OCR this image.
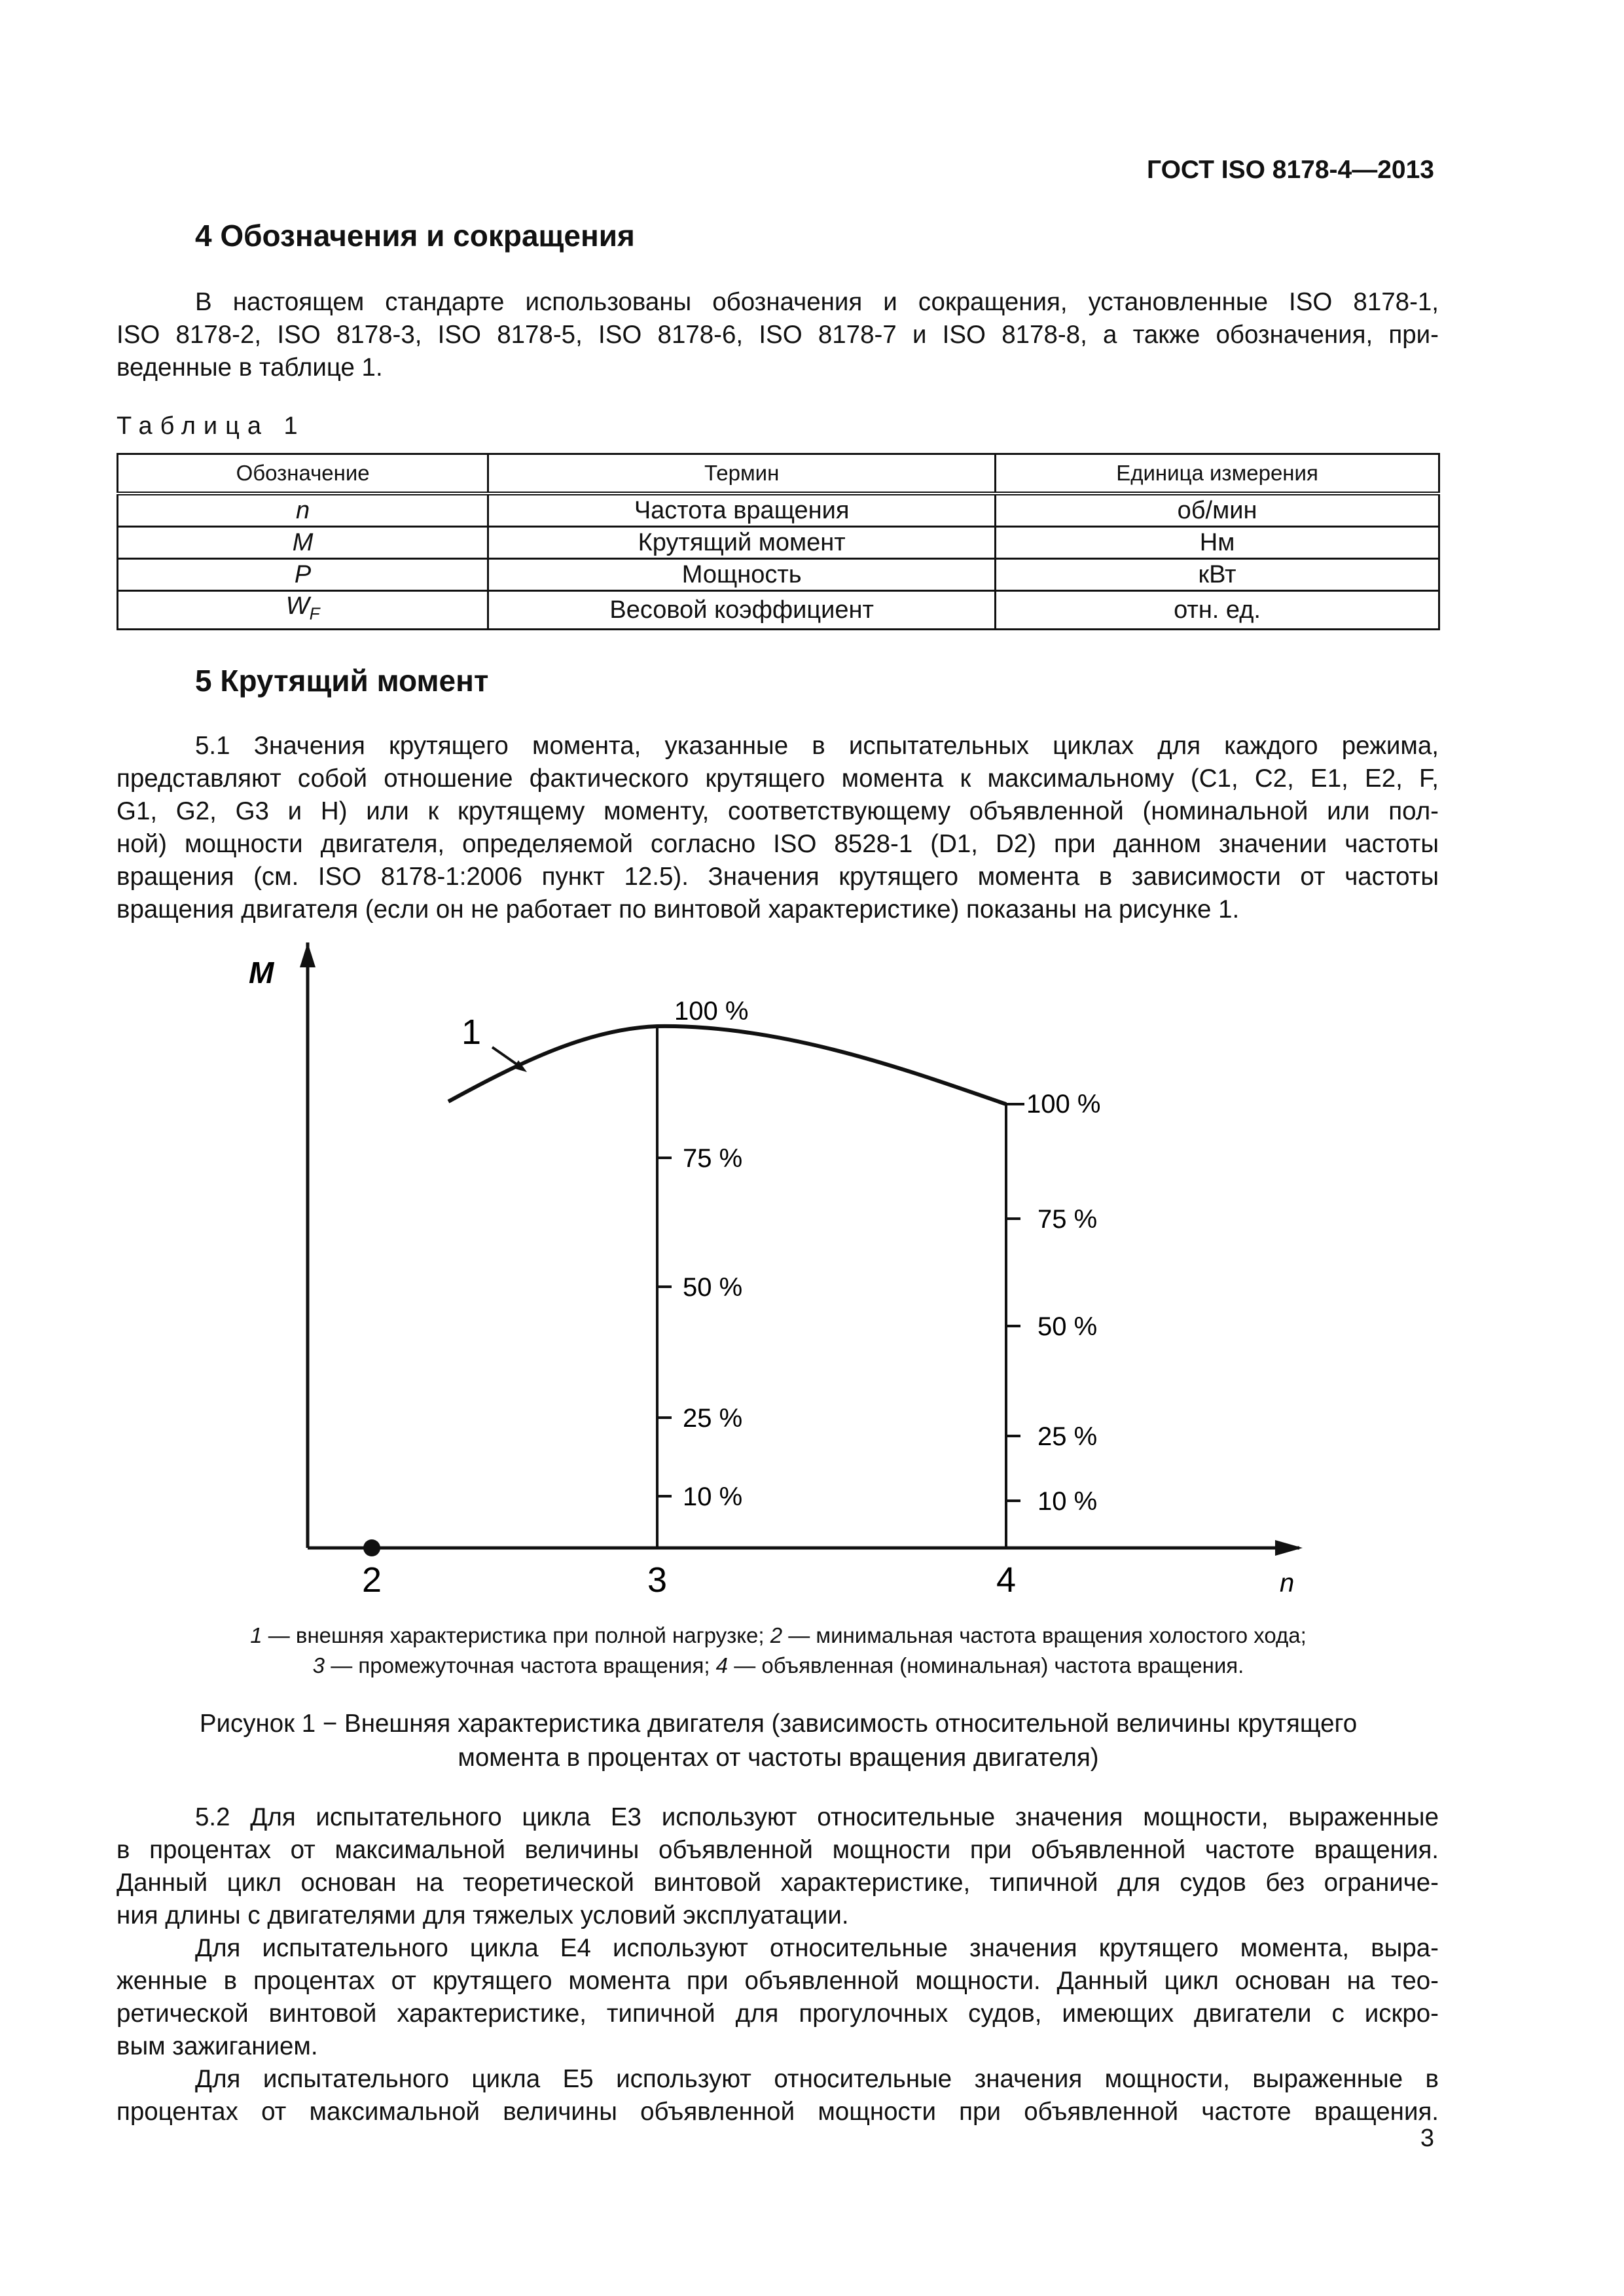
ГОСТ ISO 8178-4—2013
4 Обозначения и сокращения
В настоящем стандарте использованы обозначения и сокращения, установленные ISO 8178-1,
ISO 8178-2, ISO 8178-3, ISO 8178-5, ISO 8178-6, ISO 8178-7 и ISO 8178-8, а также обозначения, при-
веденные в таблице 1.
Таблица 1
Обозначение	Термин	Единица измерения
n	Частота вращения	об/мин
M	Крутящий момент	Нм
P	Мощность	кВт
$W_F$	Весовой коэффициент	отн. ед.
5 Крутящий момент
5.1 Значения крутящего момента, указанные в испытательных циклах для каждого режима,
представляют собой отношение фактического крутящего момента к максимальному (C1, C2, E1, E2, F,
G1, G2, G3 и H) или к крутящему моменту, соответствующему объявленной (номинальной или пол-
ной) мощности двигателя, определяемой согласно ISO 8528-1 (D1, D2) при данном значении частоты
вращения (см. ISO 8178-1:2006 пункт 12.5). Значения крутящего момента в зависимости от частоты
вращения двигателя (если он не работает по винтовой характеристике) показаны на рисунке 1.
M
n
1
100 %
75 %
50 %
25 %
10 %
100 %
75 %
50 %
25 %
10 %
2	3	4
1 — внешняя характеристика при полной нагрузке; 2 — минимальная частота вращения холостого хода;
3 — промежуточная частота вращения; 4 — объявленная (номинальная) частота вращения.
Рисунок 1 − Внешняя характеристика двигателя (зависимость относительной величины крутящего
момента в процентах от частоты вращения двигателя)
5.2 Для испытательного цикла Е3 используют относительные значения мощности, выраженные
в процентах от максимальной величины объявленной мощности при объявленной частоте вращения.
Данный цикл основан на теоретической винтовой характеристике, типичной для судов без ограниче-
ния длины с двигателями для тяжелых условий эксплуатации.
Для испытательного цикла Е4 используют относительные значения крутящего момента, выра-
женные в процентах от крутящего момента при объявленной мощности. Данный цикл основан на тео-
ретической винтовой характеристике, типичной для прогулочных судов, имеющих двигатели с искро-
вым зажиганием.
Для испытательного цикла Е5 используют относительные значения мощности, выраженные в
процентах от максимальной величины объявленной мощности при объявленной частоте вращения.
3
